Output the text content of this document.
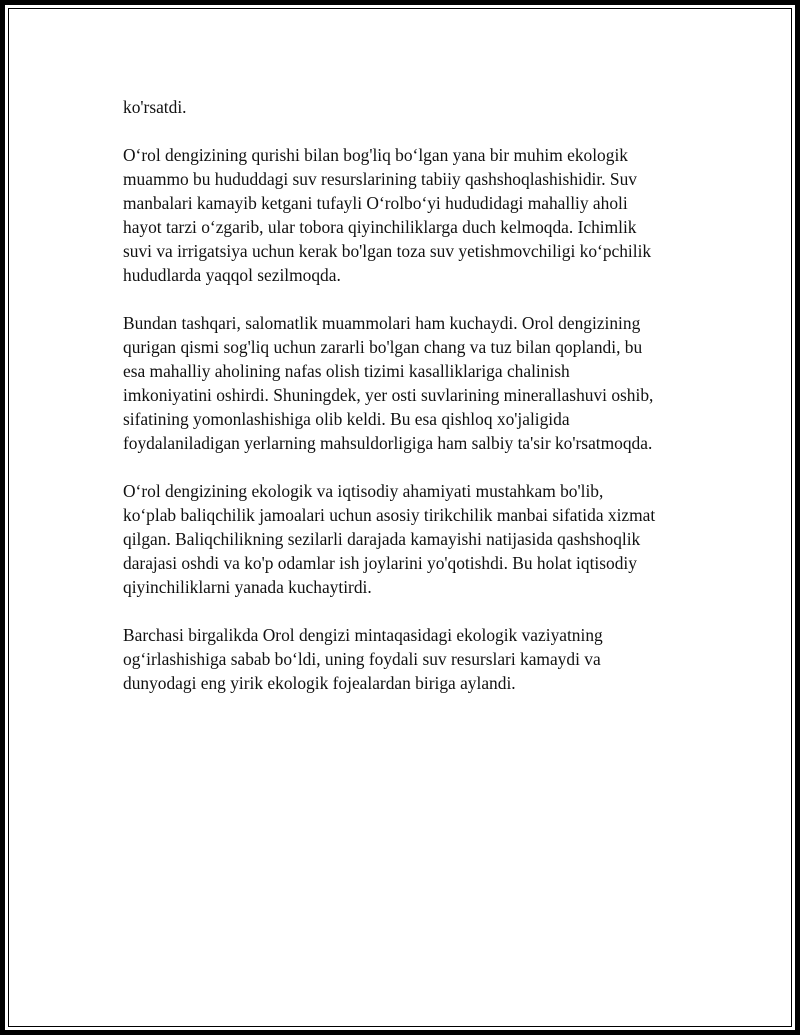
ko'rsatdi.

O‘rol dengizining qurishi bilan bog'liq bo‘lgan yana bir muhim ekologik
muammo bu hududdagi suv resurslarining tabiiy qashshoqlashishidir. Suv
manbalari kamayib ketgani tufayli O‘rolbo‘yi hududidagi mahalliy aholi
hayot tarzi o‘zgarib, ular tobora qiyinchiliklarga duch kelmoqda. Ichimlik
suvi va irrigatsiya uchun kerak bo'lgan toza suv yetishmovchiligi ko‘pchilik
hududlarda yaqqol sezilmoqda.

Bundan tashqari, salomatlik muammolari ham kuchaydi. Orol dengizining
qurigan qismi sog'liq uchun zararli bo'lgan chang va tuz bilan qoplandi, bu
esa mahalliy aholining nafas olish tizimi kasalliklariga chalinish
imkoniyatini oshirdi. Shuningdek, yer osti suvlarining minerallashuvi oshib,
sifatining yomonlashishiga olib keldi. Bu esa qishloq xo'jaligida
foydalaniladigan yerlarning mahsuldorligiga ham salbiy ta'sir ko'rsatmoqda.

O‘rol dengizining ekologik va iqtisodiy ahamiyati mustahkam bo'lib,
ko‘plab baliqchilik jamoalari uchun asosiy tirikchilik manbai sifatida xizmat
qilgan. Baliqchilikning sezilarli darajada kamayishi natijasida qashshoqlik
darajasi oshdi va ko'p odamlar ish joylarini yo'qotishdi. Bu holat iqtisodiy
qiyinchiliklarni yanada kuchaytirdi.

Barchasi birgalikda Orol dengizi mintaqasidagi ekologik vaziyatning
og‘irlashishiga sabab bo‘ldi, uning foydali suv resurslari kamaydi va
dunyodagi eng yirik ekologik fojealardan biriga aylandi.
